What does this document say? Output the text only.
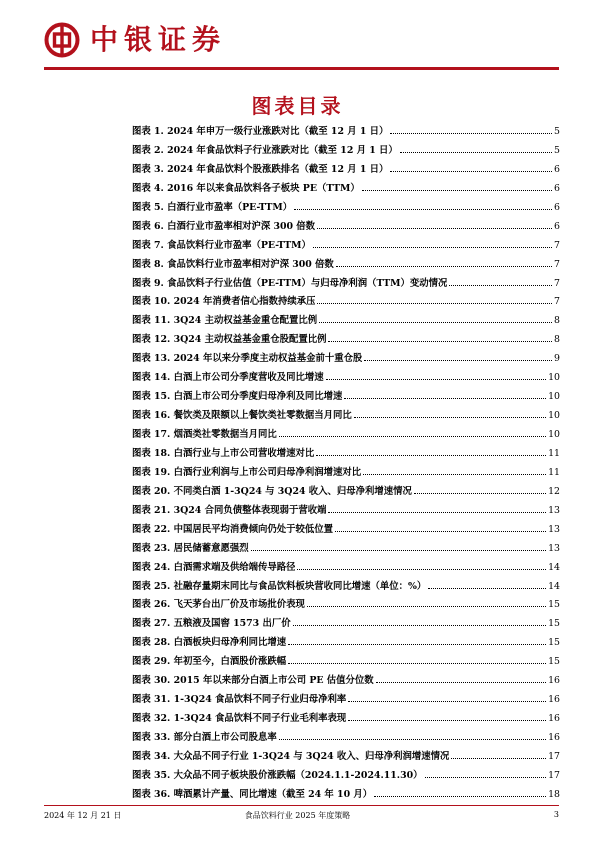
中银证券
图表目录
图表 1. 2024 年申万一级行业涨跌对比（截至 12 月 1 日）	5
图表 2. 2024 年食品饮料子行业涨跌对比（截至 12 月 1 日）	5
图表 3. 2024 年食品饮料个股涨跌排名（截至 12 月 1 日）	6
图表 4. 2016 年以来食品饮料各子板块 PE（TTM）	6
图表 5. 白酒行业市盈率（PE-TTM）	6
图表 6. 白酒行业市盈率相对沪深 300 倍数	6
图表 7. 食品饮料行业市盈率（PE-TTM）	7
图表 8. 食品饮料行业市盈率相对沪深 300 倍数	7
图表 9. 食品饮料子行业估值（PE-TTM）与归母净利润（TTM）变动情况	7
图表 10. 2024 年消费者信心指数持续承压	7
图表 11. 3Q24 主动权益基金重仓配置比例	8
图表 12. 3Q24 主动权益基金重仓股配置比例	8
图表 13. 2024 年以来分季度主动权益基金前十重仓股	9
图表 14. 白酒上市公司分季度营收及同比增速	10
图表 15. 白酒上市公司分季度归母净利及同比增速	10
图表 16. 餐饮类及限额以上餐饮类社零数据当月同比	10
图表 17. 烟酒类社零数据当月同比	10
图表 18. 白酒行业与上市公司营收增速对比	11
图表 19. 白酒行业利润与上市公司归母净利润增速对比	11
图表 20. 不同类白酒 1-3Q24 与 3Q24 收入、归母净利增速情况	12
图表 21. 3Q24 合同负债整体表现弱于营收端	13
图表 22. 中国居民平均消费倾向仍处于较低位置	13
图表 23. 居民储蓄意愿强烈	13
图表 24. 白酒需求端及供给端传导路径	14
图表 25. 社融存量期末同比与食品饮料板块营收同比增速（单位：%）	14
图表 26. 飞天茅台出厂价及市场批价表现	15
图表 27. 五粮液及国窖 1573 出厂价	15
图表 28. 白酒板块归母净利同比增速	15
图表 29. 年初至今，白酒股价涨跌幅	15
图表 30. 2015 年以来部分白酒上市公司 PE 估值分位数	16
图表 31. 1-3Q24 食品饮料不同子行业归母净利率	16
图表 32. 1-3Q24 食品饮料不同子行业毛利率表现	16
图表 33. 部分白酒上市公司股息率	16
图表 34. 大众品不同子行业 1-3Q24 与 3Q24 收入、归母净利润增速情况	17
图表 35. 大众品不同子板块股价涨跌幅（2024.1.1-2024.11.30）	17
图表 36. 啤酒累计产量、同比增速（截至 24 年 10 月）	18
2024 年 12 月 21 日	食品饮料行业 2025 年度策略	3
